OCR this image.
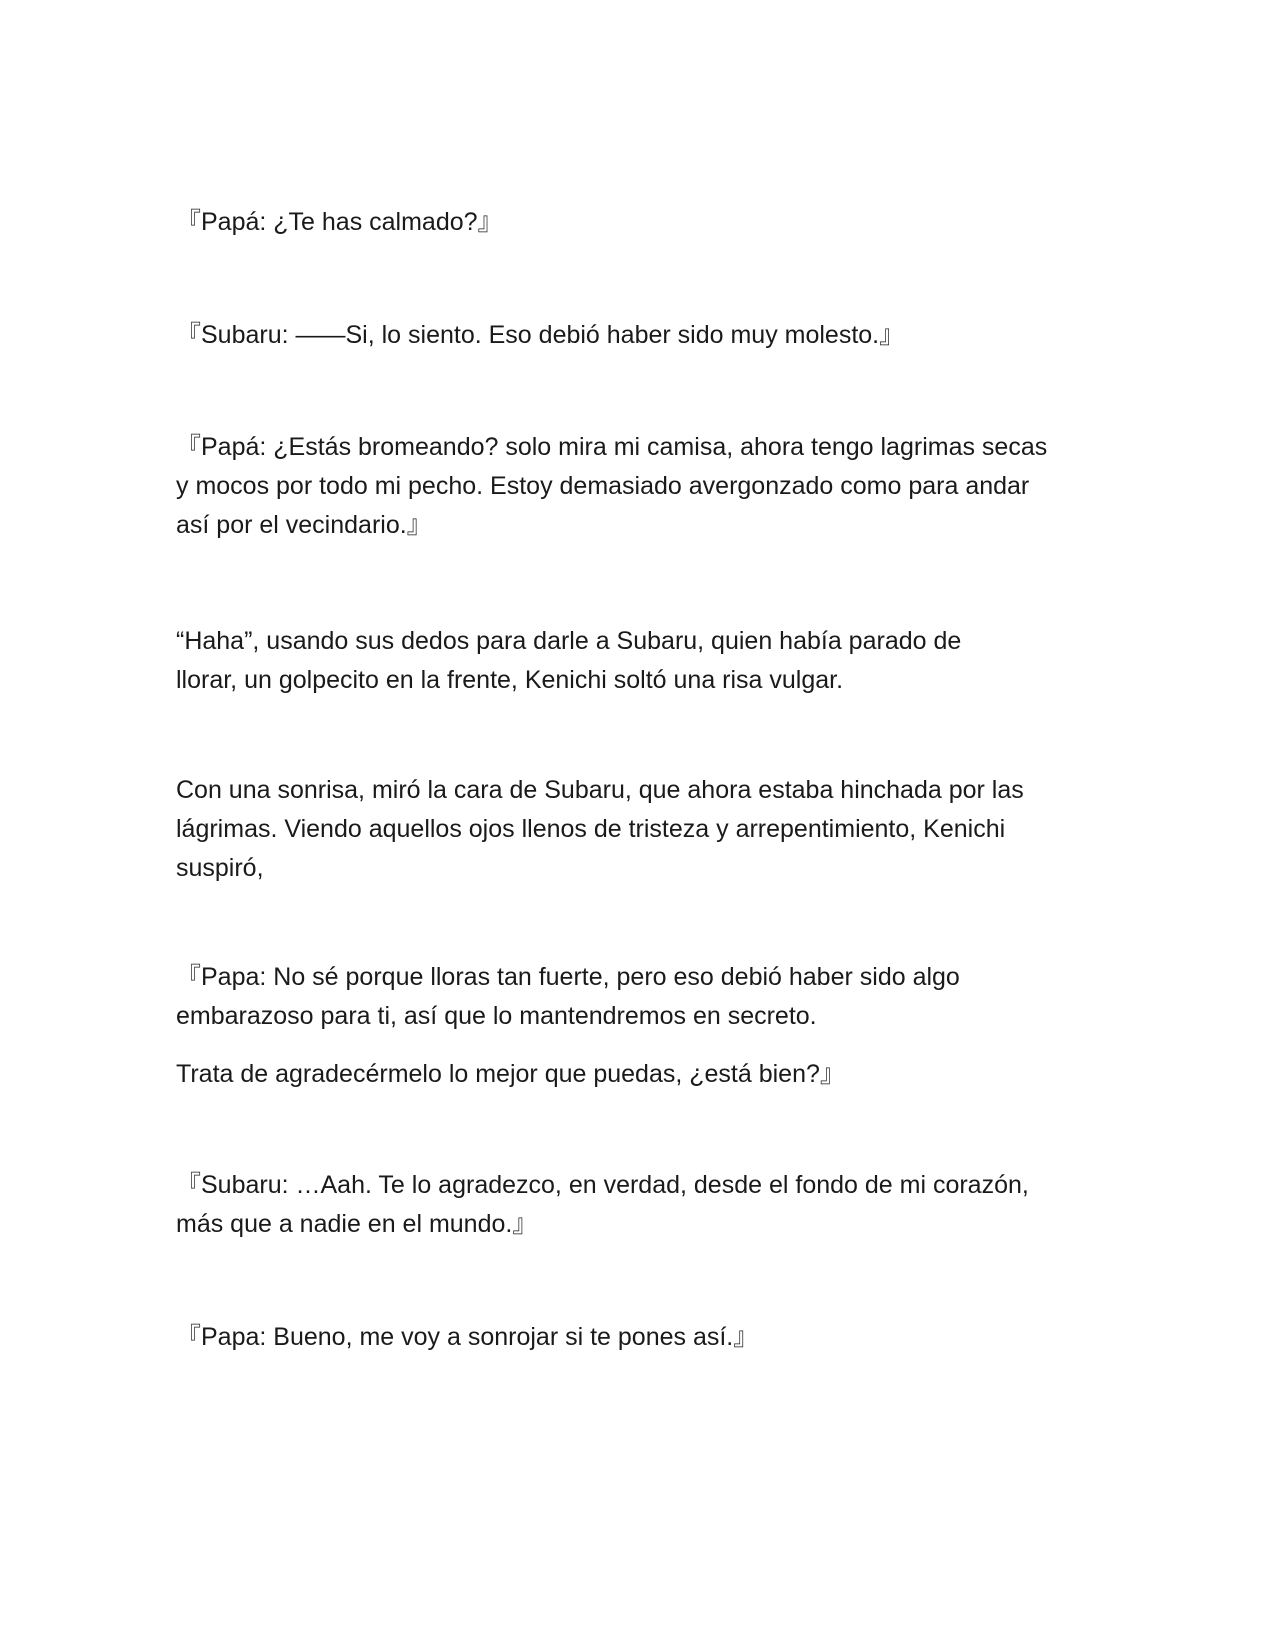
『Papá: ¿Te has calmado?』

『Subaru: ——Si, lo siento. Eso debió haber sido muy molesto.』

『Papá: ¿Estás bromeando? solo mira mi camisa, ahora tengo lagrimas secas
y mocos por todo mi pecho. Estoy demasiado avergonzado como para andar
así por el vecindario.』

“Haha”, usando sus dedos para darle a Subaru, quien había parado de
llorar, un golpecito en la frente, Kenichi soltó una risa vulgar.

Con una sonrisa, miró la cara de Subaru, que ahora estaba hinchada por las
lágrimas. Viendo aquellos ojos llenos de tristeza y arrepentimiento, Kenichi
suspiró,

『Papa: No sé porque lloras tan fuerte, pero eso debió haber sido algo
embarazoso para ti, así que lo mantendremos en secreto.

Trata de agradecérmelo lo mejor que puedas, ¿está bien?』

『Subaru: …Aah. Te lo agradezco, en verdad, desde el fondo de mi corazón,
más que a nadie en el mundo.』

『Papa: Bueno, me voy a sonrojar si te pones así.』
